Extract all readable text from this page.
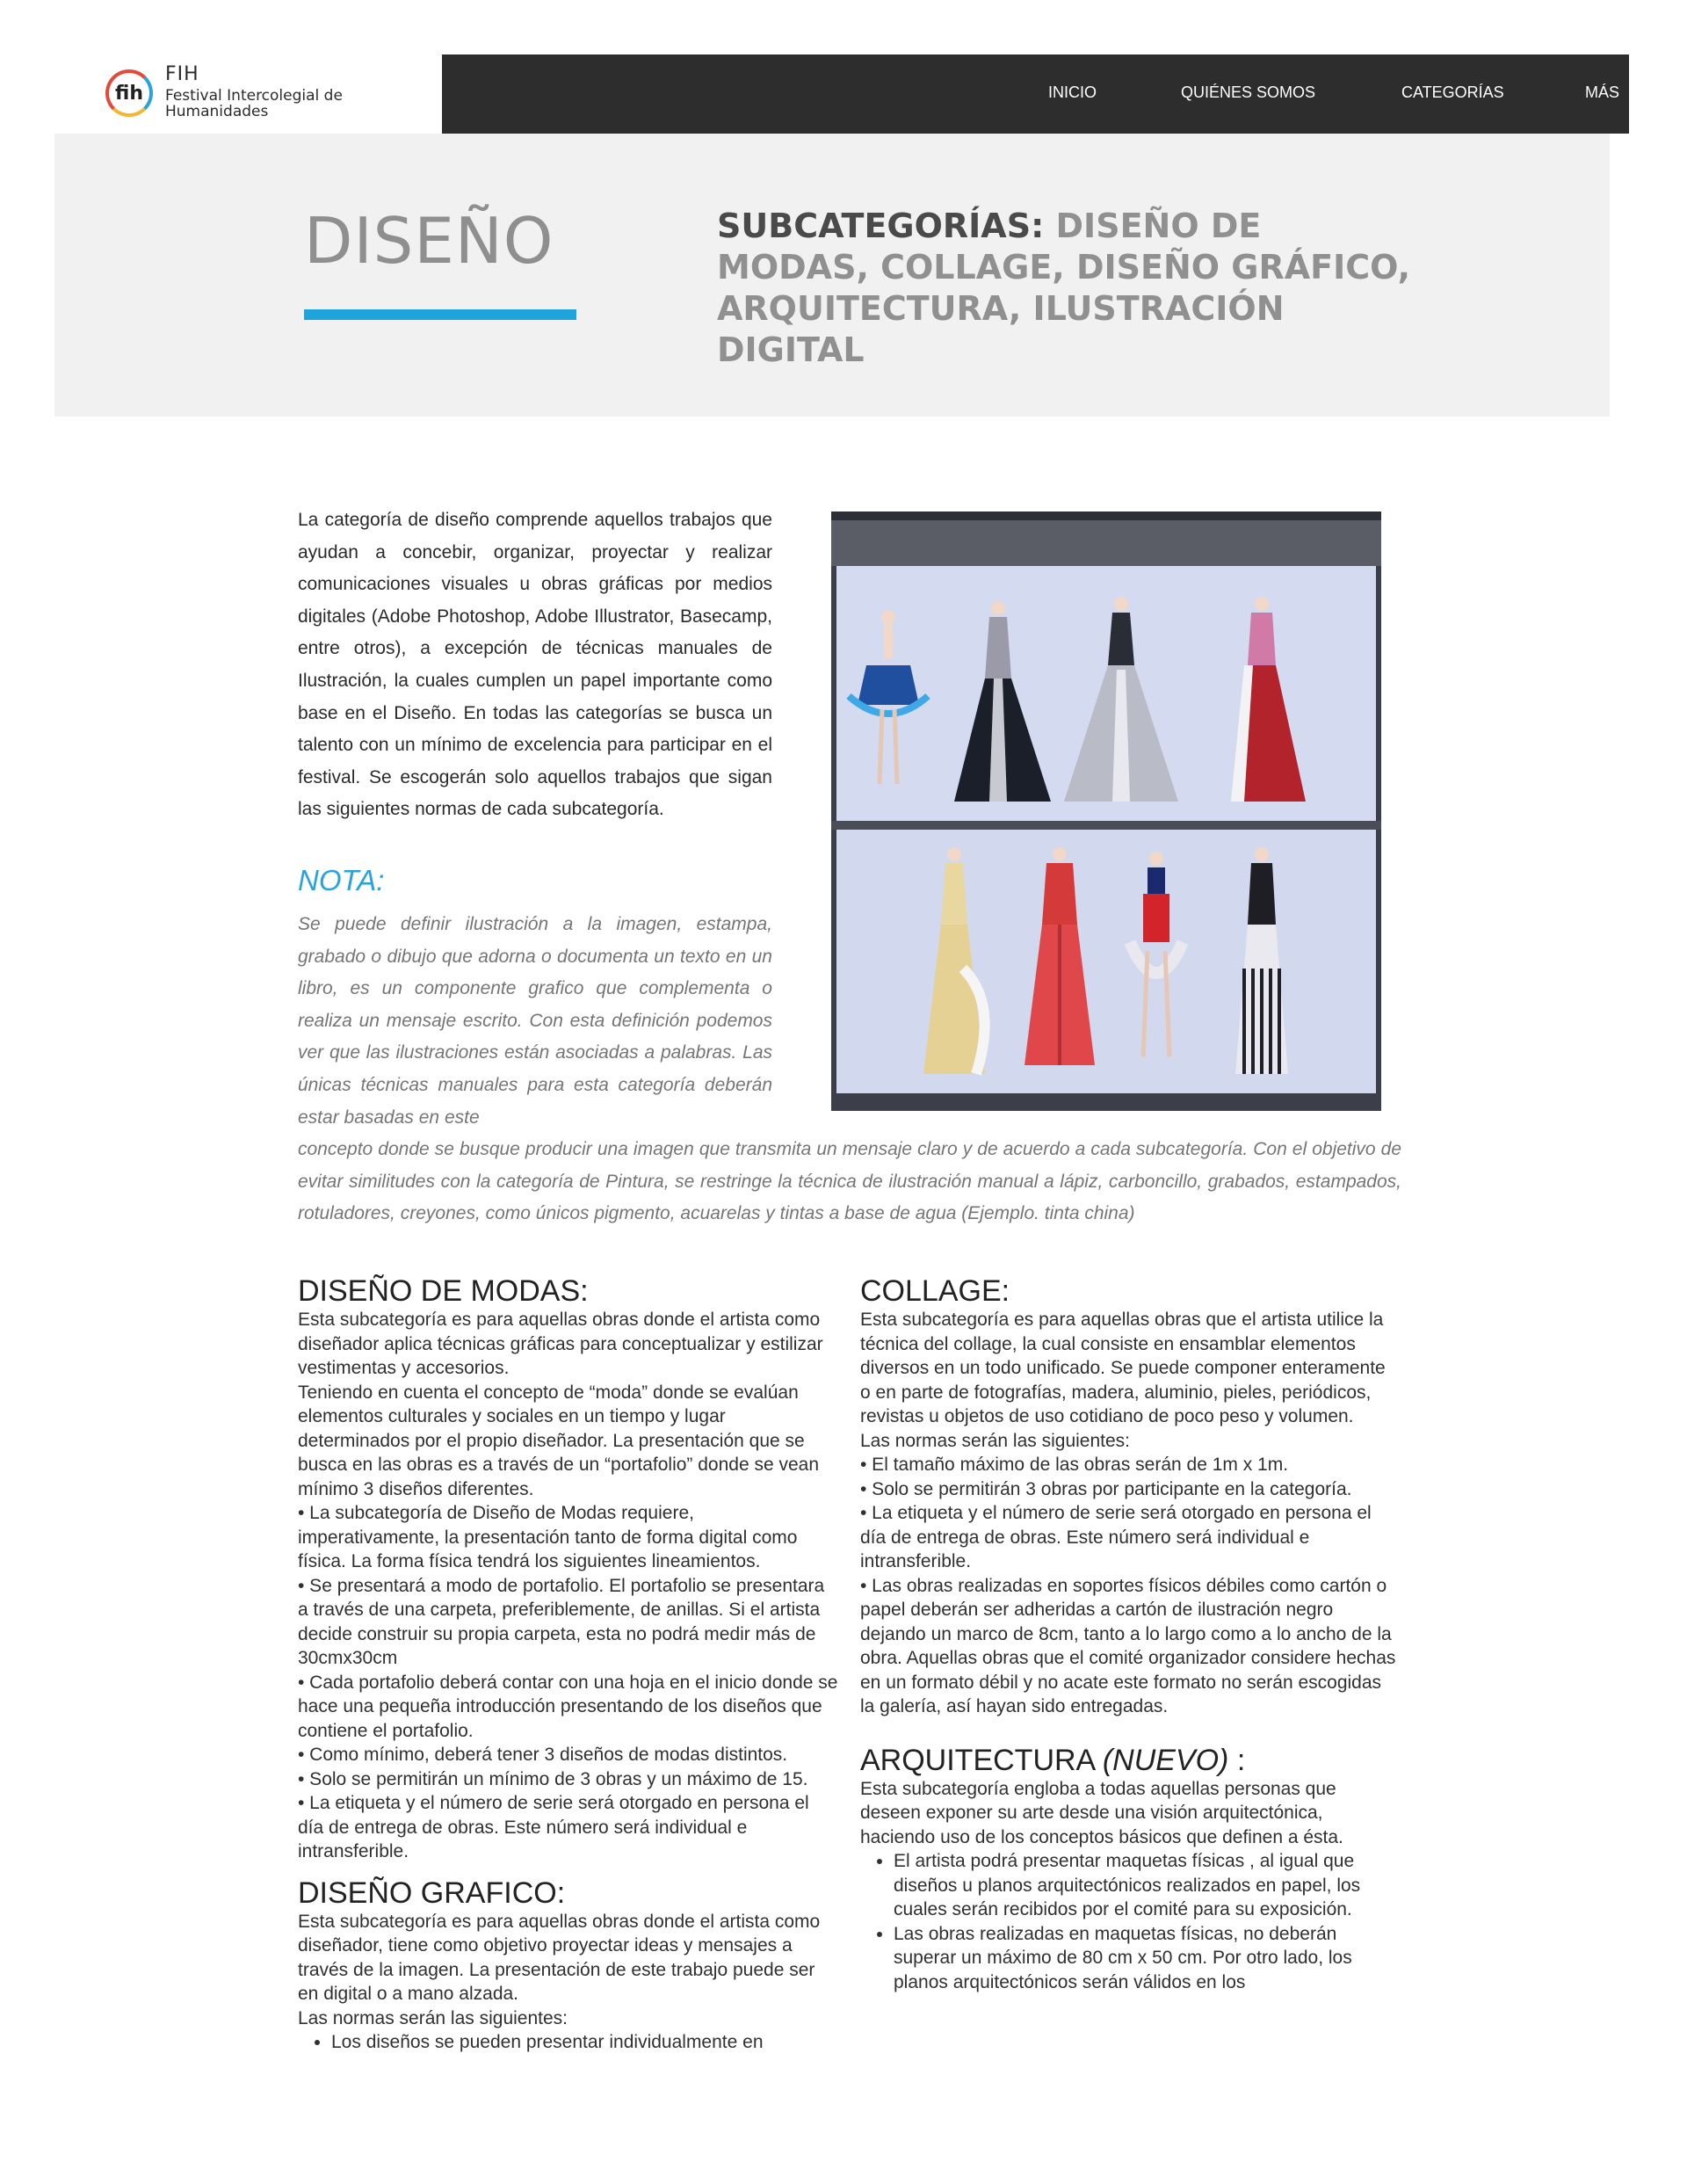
fih
FIH
Festival Intercolegial de Humanidades
INICIO	QUIÉNES SOMOS	CATEGORÍAS	MÁS
DISEÑO	SUBCATEGORÍAS: DISEÑO DE MODAS, COLLAGE, DISEÑO GRÁFICO, ARQUITECTURA, ILUSTRACIÓN DIGITAL

La categoría de diseño comprende aquellos trabajos que ayudan a concebir, organizar, proyectar y realizar comunicaciones visuales u obras gráficas por medios digitales (Adobe Photoshop, Adobe Illustrator, Basecamp, entre otros), a excepción de técnicas manuales de Ilustración, la cuales cumplen un papel importante como base en el Diseño. En todas las categorías se busca un talento con un mínimo de excelencia para participar en el festival. Se escogerán solo aquellos trabajos que sigan las siguientes normas de cada subcategoría.

NOTA:

Se puede definir ilustración a la imagen, estampa, grabado o dibujo que adorna o documenta un texto en un libro, es un componente grafico que complementa o realiza un mensaje escrito. Con esta definición podemos ver que las ilustraciones están asociadas a palabras. Las únicas técnicas manuales para esta categoría deberán estar basadas en este

concepto donde se busque producir una imagen que transmita un mensaje claro y de acuerdo a cada subcategoría. Con el objetivo de evitar similitudes con la categoría de Pintura, se restringe la técnica de ilustración manual a lápiz, carboncillo, grabados, estampados, rotuladores, creyones, como únicos pigmento, acuarelas y tintas a base de agua (Ejemplo. tinta china)

DISEÑO DE MODAS:

Esta subcategoría es para aquellas obras donde el artista como diseñador aplica técnicas gráficas para conceptualizar y estilizar vestimentas y accesorios.

Teniendo en cuenta el concepto de “moda” donde se evalúan elementos culturales y sociales en un tiempo y lugar determinados por el propio diseñador. La presentación que se busca en las obras es a través de un “portafolio” donde se vean mínimo 3 diseños diferentes.

• La subcategoría de Diseño de Modas requiere, imperativamente, la presentación tanto de forma digital como física. La forma física tendrá los siguientes lineamientos.

• Se presentará a modo de portafolio. El portafolio se presentara a través de una carpeta, preferiblemente, de anillas. Si el artista decide construir su propia carpeta, esta no podrá medir más de 30cmx30cm

• Cada portafolio deberá contar con una hoja en el inicio donde se hace una pequeña introducción presentando de los diseños que contiene el portafolio.

• Como mínimo, deberá tener 3 diseños de modas distintos.

• Solo se permitirán un mínimo de 3 obras y un máximo de 15.

• La etiqueta y el número de serie será otorgado en persona el día de entrega de obras. Este número será individual e intransferible.

DISEÑO GRAFICO:

Esta subcategoría es para aquellas obras donde el artista como diseñador, tiene como objetivo proyectar ideas y mensajes a través de la imagen. La presentación de este trabajo puede ser en digital o a mano alzada.

Las normas serán las siguientes:

• Los diseños se pueden presentar individualmente en
COLLAGE:

Esta subcategoría es para aquellas obras que el artista utilice la técnica del collage, la cual consiste en ensamblar elementos diversos en un todo unificado. Se puede componer enteramente o en parte de fotografías, madera, aluminio, pieles, periódicos, revistas u objetos de uso cotidiano de poco peso y volumen.

Las normas serán las siguientes:

• El tamaño máximo de las obras serán de 1m x 1m.

• Solo se permitirán 3 obras por participante en la categoría.

• La etiqueta y el número de serie será otorgado en persona el día de entrega de obras. Este número será individual e intransferible.

• Las obras realizadas en soportes físicos débiles como cartón o papel deberán ser adheridas a cartón de ilustración negro dejando un marco de 8cm, tanto a lo largo como a lo ancho de la obra. Aquellas obras que el comité organizador considere hechas en un formato débil y no acate este formato no serán escogidas la galería, así hayan sido entregadas.

ARQUITECTURA (NUEVO) :

Esta subcategoría engloba a todas aquellas personas que deseen exponer su arte desde una visión arquitectónica, haciendo uso de los conceptos básicos que definen a ésta.

• El artista podrá presentar maquetas físicas , al igual que diseños u planos arquitectónicos realizados en papel, los cuales serán recibidos por el comité para su exposición.
• Las obras realizadas en maquetas físicas, no deberán superar un máximo de 80 cm x 50 cm. Por otro lado, los planos arquitectónicos serán válidos en los
